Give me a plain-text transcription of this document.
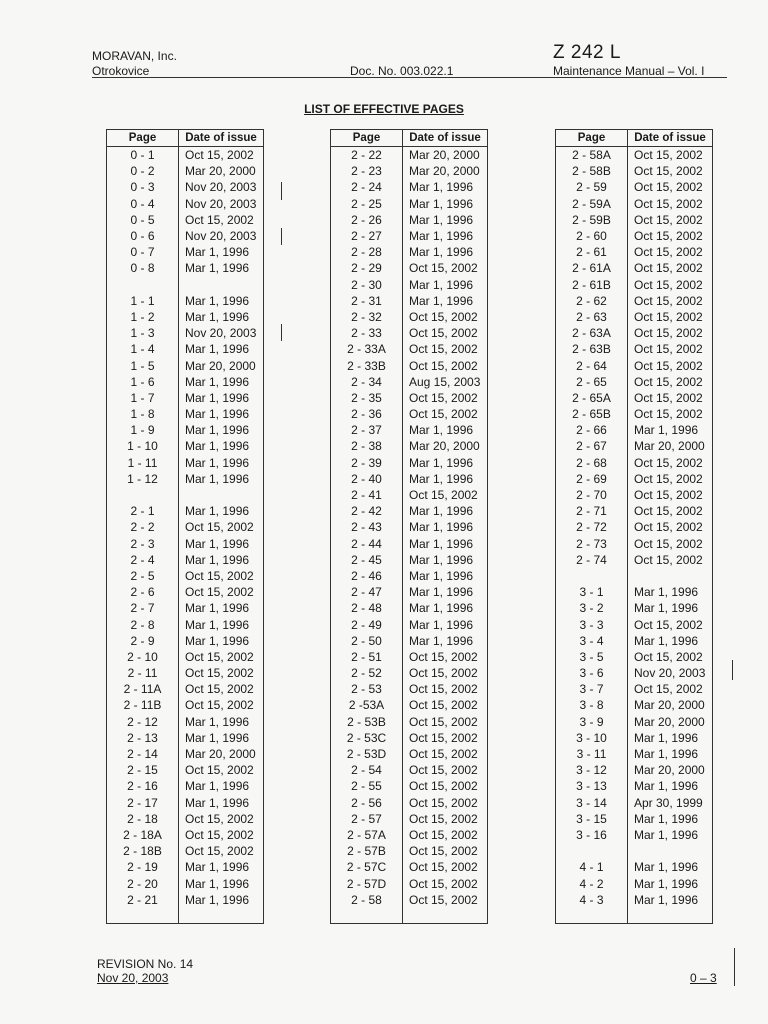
MORAVAN, Inc.
Otrokovice	Doc. No. 003.022.1
Z 242 L
Maintenance Manual – Vol. I
LIST OF EFFECTIVE PAGES
Page	Date of issue
0 - 1	Oct 15, 2002
0 - 2	Mar 20, 2000
0 - 3	Nov 20, 2003
0 - 4	Nov 20, 2003
0 - 5	Oct 15, 2002
0 - 6	Nov 20, 2003
0 - 7	Mar 1, 1996
0 - 8	Mar 1, 1996

1 - 1	Mar 1, 1996
1 - 2	Mar 1, 1996
1 - 3	Nov 20, 2003
1 - 4	Mar 1, 1996
1 - 5	Mar 20, 2000
1 - 6	Mar 1, 1996
1 - 7	Mar 1, 1996
1 - 8	Mar 1, 1996
1 - 9	Mar 1, 1996
1 - 10	Mar 1, 1996
1 - 11	Mar 1, 1996
1 - 12	Mar 1, 1996

2 - 1	Mar 1, 1996
2 - 2	Oct 15, 2002
2 - 3	Mar 1, 1996
2 - 4	Mar 1, 1996
2 - 5	Oct 15, 2002
2 - 6	Oct 15, 2002
2 - 7	Mar 1, 1996
2 - 8	Mar 1, 1996
2 - 9	Mar 1, 1996
2 - 10	Oct 15, 2002
2 - 11	Oct 15, 2002
2 - 11A	Oct 15, 2002
2 - 11B	Oct 15, 2002
2 - 12	Mar 1, 1996
2 - 13	Mar 1, 1996
2 - 14	Mar 20, 2000
2 - 15	Oct 15, 2002
2 - 16	Mar 1, 1996
2 - 17	Mar 1, 1996
2 - 18	Oct 15, 2002
2 - 18A	Oct 15, 2002
2 - 18B	Oct 15, 2002
2 - 19	Mar 1, 1996
2 - 20	Mar 1, 1996
2 - 21	Mar 1, 1996

Page	Date of issue
2 - 22	Mar 20, 2000
2 - 23	Mar 20, 2000
2 - 24	Mar 1, 1996
2 - 25	Mar 1, 1996
2 - 26	Mar 1, 1996
2 - 27	Mar 1, 1996
2 - 28	Mar 1, 1996
2 - 29	Oct 15, 2002
2 - 30	Mar 1, 1996
2 - 31	Mar 1, 1996
2 - 32	Oct 15, 2002
2 - 33	Oct 15, 2002
2 - 33A	Oct 15, 2002
2 - 33B	Oct 15, 2002
2 - 34	Aug 15, 2003
2 - 35	Oct 15, 2002
2 - 36	Oct 15, 2002
2 - 37	Mar 1, 1996
2 - 38	Mar 20, 2000
2 - 39	Mar 1, 1996
2 - 40	Mar 1, 1996
2 - 41	Oct 15, 2002
2 - 42	Mar 1, 1996
2 - 43	Mar 1, 1996
2 - 44	Mar 1, 1996
2 - 45	Mar 1, 1996
2 - 46	Mar 1, 1996
2 - 47	Mar 1, 1996
2 - 48	Mar 1, 1996
2 - 49	Mar 1, 1996
2 - 50	Mar 1, 1996
2 - 51	Oct 15, 2002
2 - 52	Oct 15, 2002
2 - 53	Oct 15, 2002
2 -53A	Oct 15, 2002
2 - 53B	Oct 15, 2002
2 - 53C	Oct 15, 2002
2 - 53D	Oct 15, 2002
2 - 54	Oct 15, 2002
2 - 55	Oct 15, 2002
2 - 56	Oct 15, 2002
2 - 57	Oct 15, 2002
2 - 57A	Oct 15, 2002
2 - 57B	Oct 15, 2002
2 - 57C	Oct 15, 2002
2 - 57D	Oct 15, 2002
2 - 58	Oct 15, 2002

Page	Date of issue
2 - 58A	Oct 15, 2002
2 - 58B	Oct 15, 2002
2 - 59	Oct 15, 2002
2 - 59A	Oct 15, 2002
2 - 59B	Oct 15, 2002
2 - 60	Oct 15, 2002
2 - 61	Oct 15, 2002
2 - 61A	Oct 15, 2002
2 - 61B	Oct 15, 2002
2 - 62	Oct 15, 2002
2 - 63	Oct 15, 2002
2 - 63A	Oct 15, 2002
2 - 63B	Oct 15, 2002
2 - 64	Oct 15, 2002
2 - 65	Oct 15, 2002
2 - 65A	Oct 15, 2002
2 - 65B	Oct 15, 2002
2 - 66	Mar 1, 1996
2 - 67	Mar 20, 2000
2 - 68	Oct 15, 2002
2 - 69	Oct 15, 2002
2 - 70	Oct 15, 2002
2 - 71	Oct 15, 2002
2 - 72	Oct 15, 2002
2 - 73	Oct 15, 2002
2 - 74	Oct 15, 2002

3 - 1	Mar 1, 1996
3 - 2	Mar 1, 1996
3 - 3	Oct 15, 2002
3 - 4	Mar 1, 1996
3 - 5	Oct 15, 2002
3 - 6	Nov 20, 2003
3 - 7	Oct 15, 2002
3 - 8	Mar 20, 2000
3 - 9	Mar 20, 2000
3 - 10	Mar 1, 1996
3 - 11	Mar 1, 1996
3 - 12	Mar 20, 2000
3 - 13	Mar 1, 1996
3 - 14	Apr 30, 1999
3 - 15	Mar 1, 1996
3 - 16	Mar 1, 1996

4 - 1	Mar 1, 1996
4 - 2	Mar 1, 1996
4 - 3	Mar 1, 1996

REVISION No. 14
Nov 20, 2003	0 – 3
